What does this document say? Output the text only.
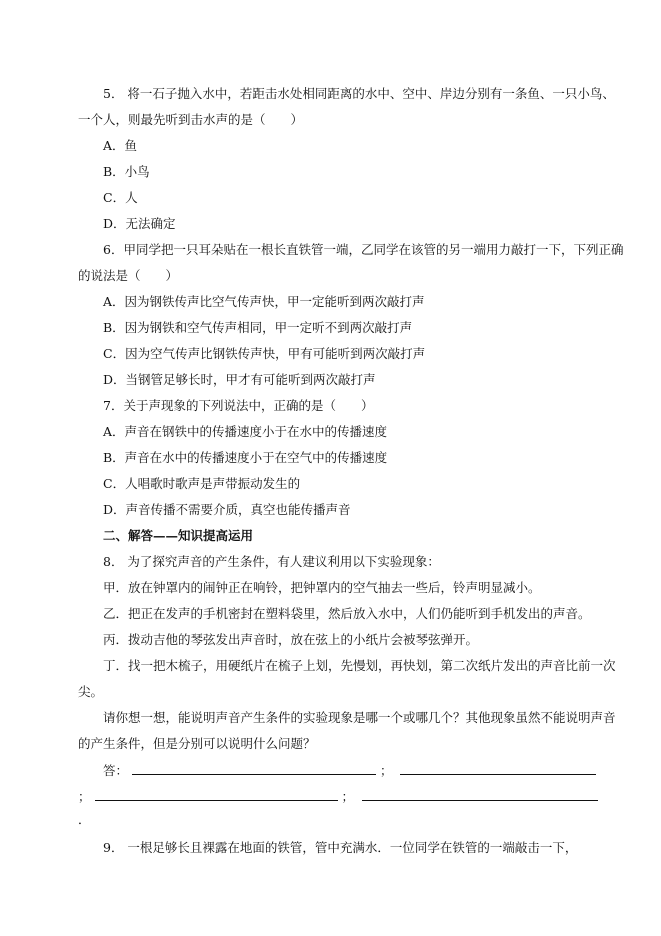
5． 将一石子抛入水中，若距击水处相同距离的水中、空中、岸边分别有一条鱼、一只小鸟、
一个人，则最先听到击水声的是（　　）
A．鱼
B．小鸟
C．人
D．无法确定
6．甲同学把一只耳朵贴在一根长直铁管一端，乙同学在该管的另一端用力敲打一下，下列正确
的说法是（　　）
A．因为钢铁传声比空气传声快，甲一定能听到两次敲打声
B．因为钢铁和空气传声相同，甲一定听不到两次敲打声
C．因为空气传声比钢铁传声快，甲有可能听到两次敲打声
D．当钢管足够长时，甲才有可能听到两次敲打声
7．关于声现象的下列说法中，正确的是（　　）
A．声音在钢铁中的传播速度小于在水中的传播速度
B．声音在水中的传播速度小于在空气中的传播速度
C．人唱歌时歌声是声带振动发生的
D．声音传播不需要介质，真空也能传播声音
二、解答——知识提高运用
8． 为了探究声音的产生条件，有人建议利用以下实验现象：
甲．放在钟罩内的闹钟正在响铃，把钟罩内的空气抽去一些后，铃声明显减小。
乙．把正在发声的手机密封在塑料袋里，然后放入水中，人们仍能听到手机发出的声音。
丙．拨动吉他的琴弦发出声音时，放在弦上的小纸片会被琴弦弹开。
丁．找一把木梳子，用硬纸片在梳子上划，先慢划，再快划，第二次纸片发出的声音比前一次
尖。
请你想一想，能说明声音产生条件的实验现象是哪一个或哪几个？其他现象虽然不能说明声音
的产生条件，但是分别可以说明什么问题？
答：	；
；	；
．
9． 一根足够长且裸露在地面的铁管，管中充满水．一位同学在铁管的一端敲击一下，
